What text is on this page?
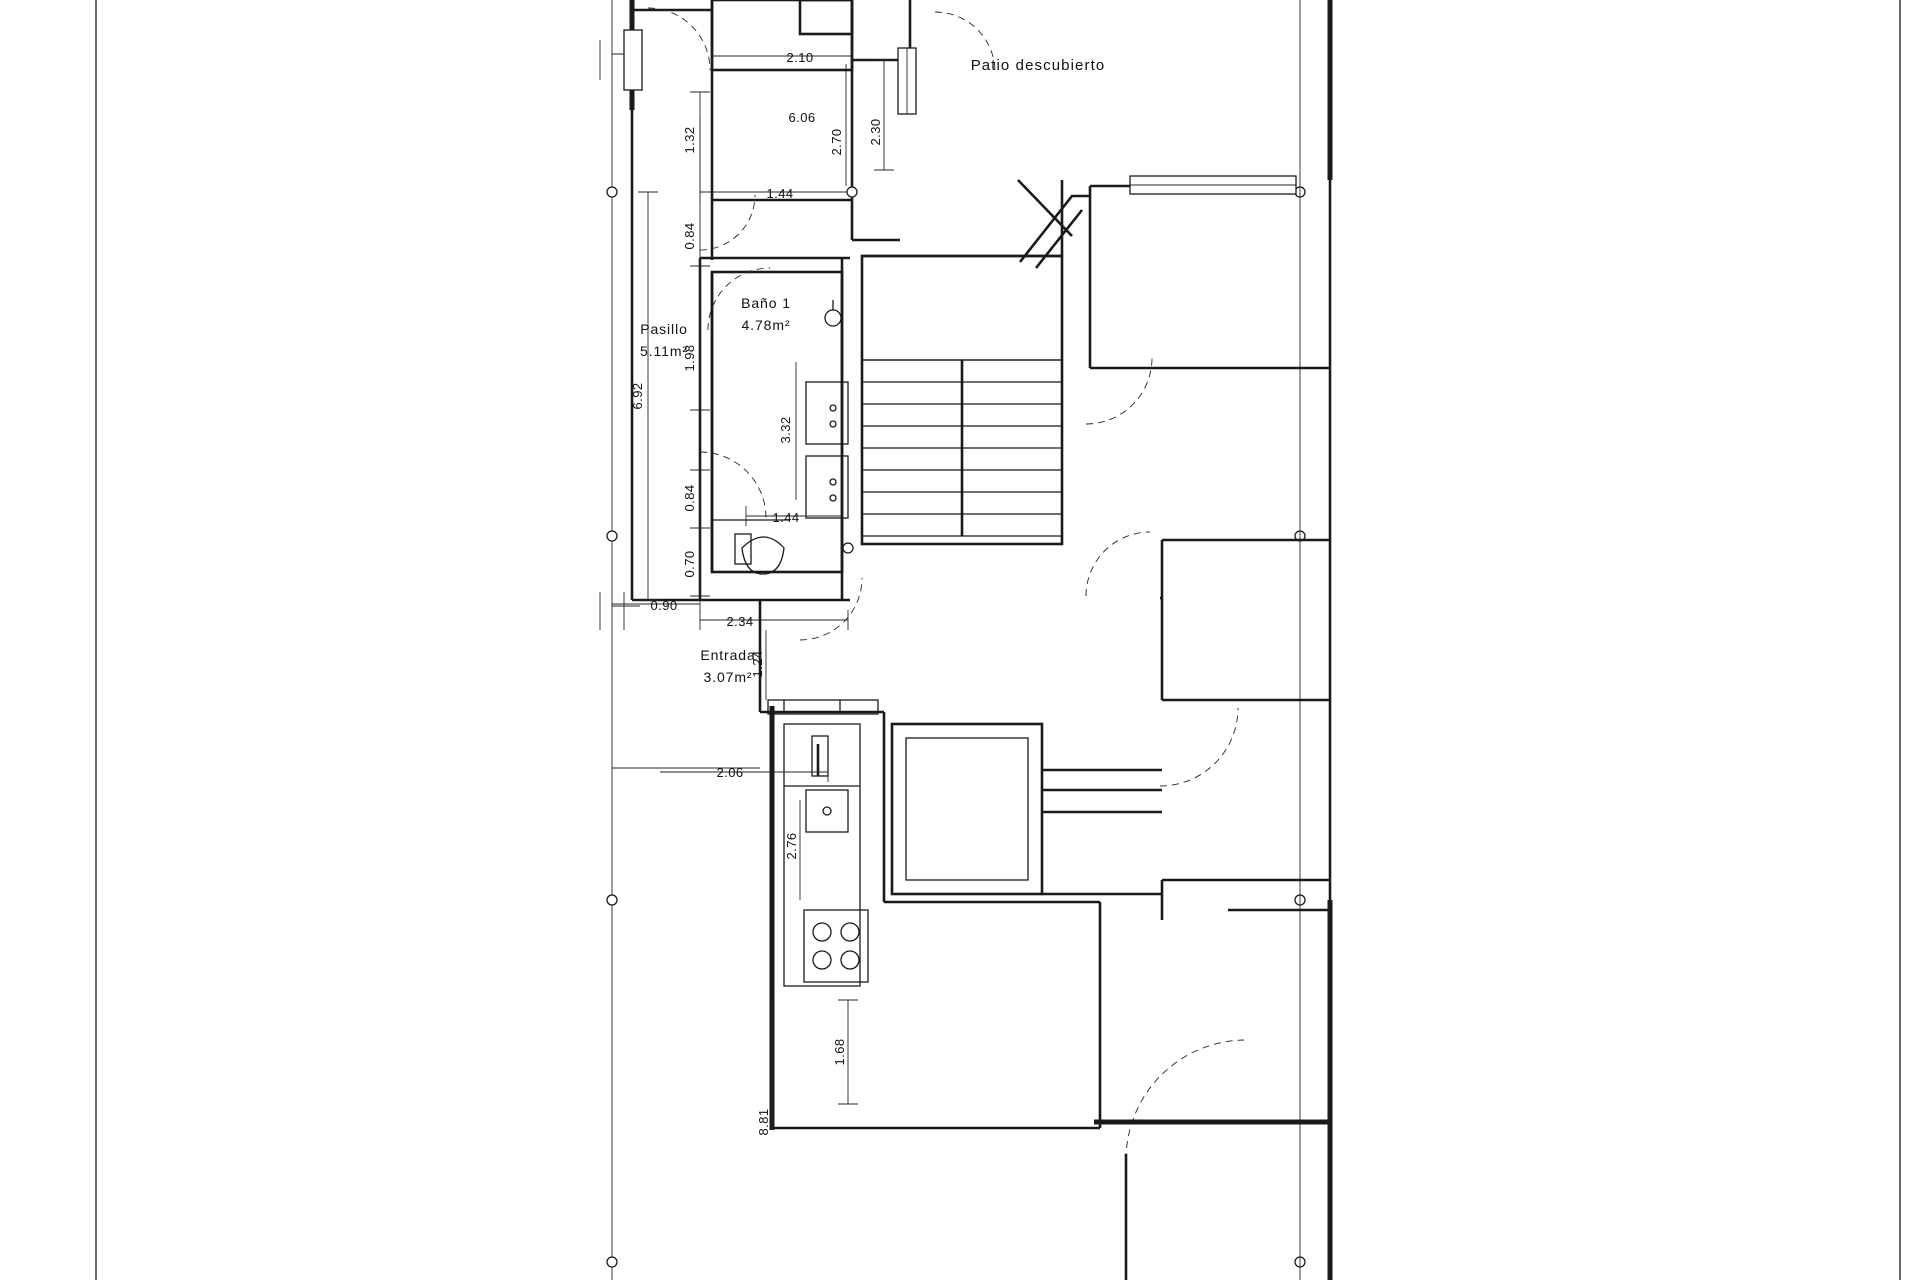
2.10
6.06
1.44
0.90
2.34
2.06
1.44
1.32	2.70 2.30
0.84
6.92
1.98
3.32
0.84
0.70
1.24
2.76
1.68
8.81
Patio descubierto
Baño 1
4.78m²
Pasillo
5.11m²
Entrada
3.07m²
